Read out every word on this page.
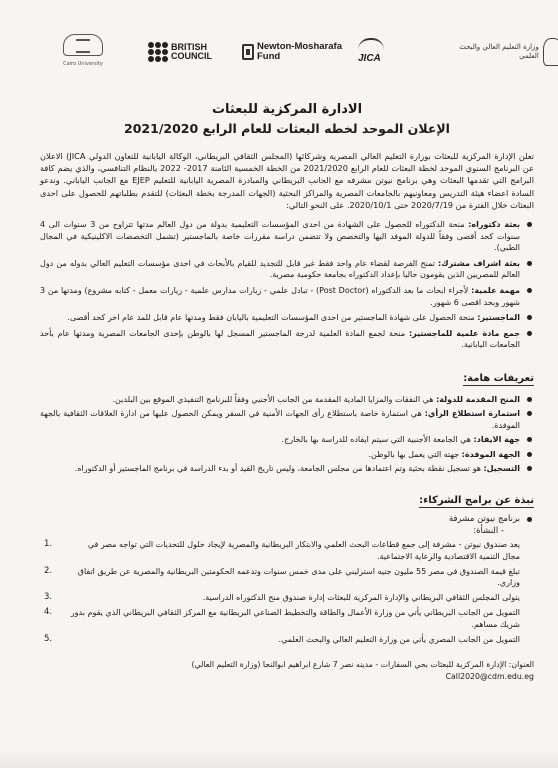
Cairo University
BRITISH
COUNCIL
Newton-Mosharafa
Fund	JICA
وزارة التعليم العالي والبحث العلمي
الادارة المركزية للبعثات
الإعلان الموحد لخطه البعثات للعام الرابع 2021/2020

تعلن الإدارة المركزية للبعثات بوزارة التعليم العالي المصرية وشركائها (المجلس الثقافي البريطاني، الوكالة اليابانية للتعاون الدولي JICA) الاعلان عن البرنامج السنوي الموحد لخطة البعثات للعام الرابع 2021/2020 من الخطة الخمسية الثامنة 2017- 2022 بالنظام التنافسي، والذي يضم كافة البرامج التي تقدمها البعثات وهي برنامج نيوتن مشرفه مع الجانب البريطاني والمبادرة المصرية اليابانية للتعليم EJEP مع الجانب الياباني. وندعو السادة اعضاء هيئة التدريس ومعاونيهم بالجامعات المصرية والمراكز البحثية (الجهات المدرجة بخطة البعثات) للتقدم بطلباتهم للحصول على احدى البعثات خلال الفترة من 2020/7/19 حتى 2020/10/1. على النحو التالي:

بعثة دكتوراه: منحة الدكتوراه للحصول على الشهادة من احدى المؤسسات التعليمية بدولة من دول العالم مدتها تتراوح من 3 سنوات الى 4 سنوات كحد أقصى وفقاً للدولة الموفد اليها والتخصص ولا تتضمن دراسة مقررات خاصة بالماجستير (تشمل التخصصات الاكلينيكية في المجال الطبي).
بعثة اشراف مشترك: تمنح الفرصة لقضاء عام واحد فقط غير قابل للتجديد للقيام بالأبحاث في احدى مؤسسات التعليم العالي بدوله من دول العالم للمصريين الذين يقومون حاليا بإعداد الدكتوراه بجامعة حكومية مصرية.
مهمة علمية: لأجراء ابحاث ما بعد الدكتوراه (Post Doctor) - تبادل علمي - زيارات مدارس علمية - زيارات معمل - كتابه مشروع) ومدتها من 3 شهور وبحد اقصى 6 شهور.
الماجستير: منحة الحصول على شهادة الماجستير من احدى المؤسسات التعليمية باليابان فقط ومدتها عام قابل للمد عام اخر كحد أقصى.
جمع مادة علمية للماجستير: منحة لجمع المادة العلمية لدرجة الماجستير المسجل لها بالوطن بإحدى الجامعات المصرية ومدتها عام بأحد الجامعات اليابانية.
تعريفات هامة:
المنح المقدمة للدولة: هي النفقات والمزايا المادية المقدمة من الجانب الأجنبي وفقاً للبرنامج التنفيذي الموقع بين البلدين.
استمارة استطلاع الرأي: هي استمارة خاصة باستطلاع رأى الجهات الأمنية في السفر ويمكن الحصول عليها من ادارة العلاقات الثقافية بالجهة الموفدة.
جهة الايفاد: هي الجامعة الأجنبية التي سيتم ايفاده للدراسة بها بالخارج.
الجهة الموفدة: جهته التي يعمل بها بالوطن.
التسجيل: هو تسجيل نقطة بحثية وتم اعتمادها من مجلس الجامعة، وليس تاريخ القيد أو بدء الدراسة في برنامج الماجستير أو الدكتوراه.
نبذة عن برامج الشركاء:
برنامج نيوتن مشرفة
- النشأة:
1.	يعد صندوق نيوتن - مشرفة إلى جمع قطاعات البحث العلمي والابتكار البريطانية والمصرية لإيجاد حلول للتحديات التي تواجه مصر في مجال التنمية الاقتصادية والرعاية الاجتماعية.
2.	تبلغ قيمة الصندوق في مصر 55 مليون جنيه استرليني على مدى خمس سنوات وتدعمه الحكومتين البريطانية والمصرية عن طريق اتفاق وزاري.
3.	يتولى المجلس الثقافي البريطاني والإدارة المركزية للبعثات إدارة صندوق منح الدكتوراه الدراسية.
4. التمويل من الجانب البريطاني يأتي من وزارة الأعمال والطاقة والتخطيط الصناعي البريطانية مع المركز الثقافي البريطاني الذي يقوم بدور شريك مساهم.
5.	التمويل من الجانب المصري يأتي من وزارة التعليم العالي والبحث العلمي.
العنوان: الإدارة المركزية للبعثات بحي السفارات - مدينه نصر 7 شارع ابراهيم ابوالنجا (وزارة التعليم العالي)
Call2020@cdm.edu.eg
